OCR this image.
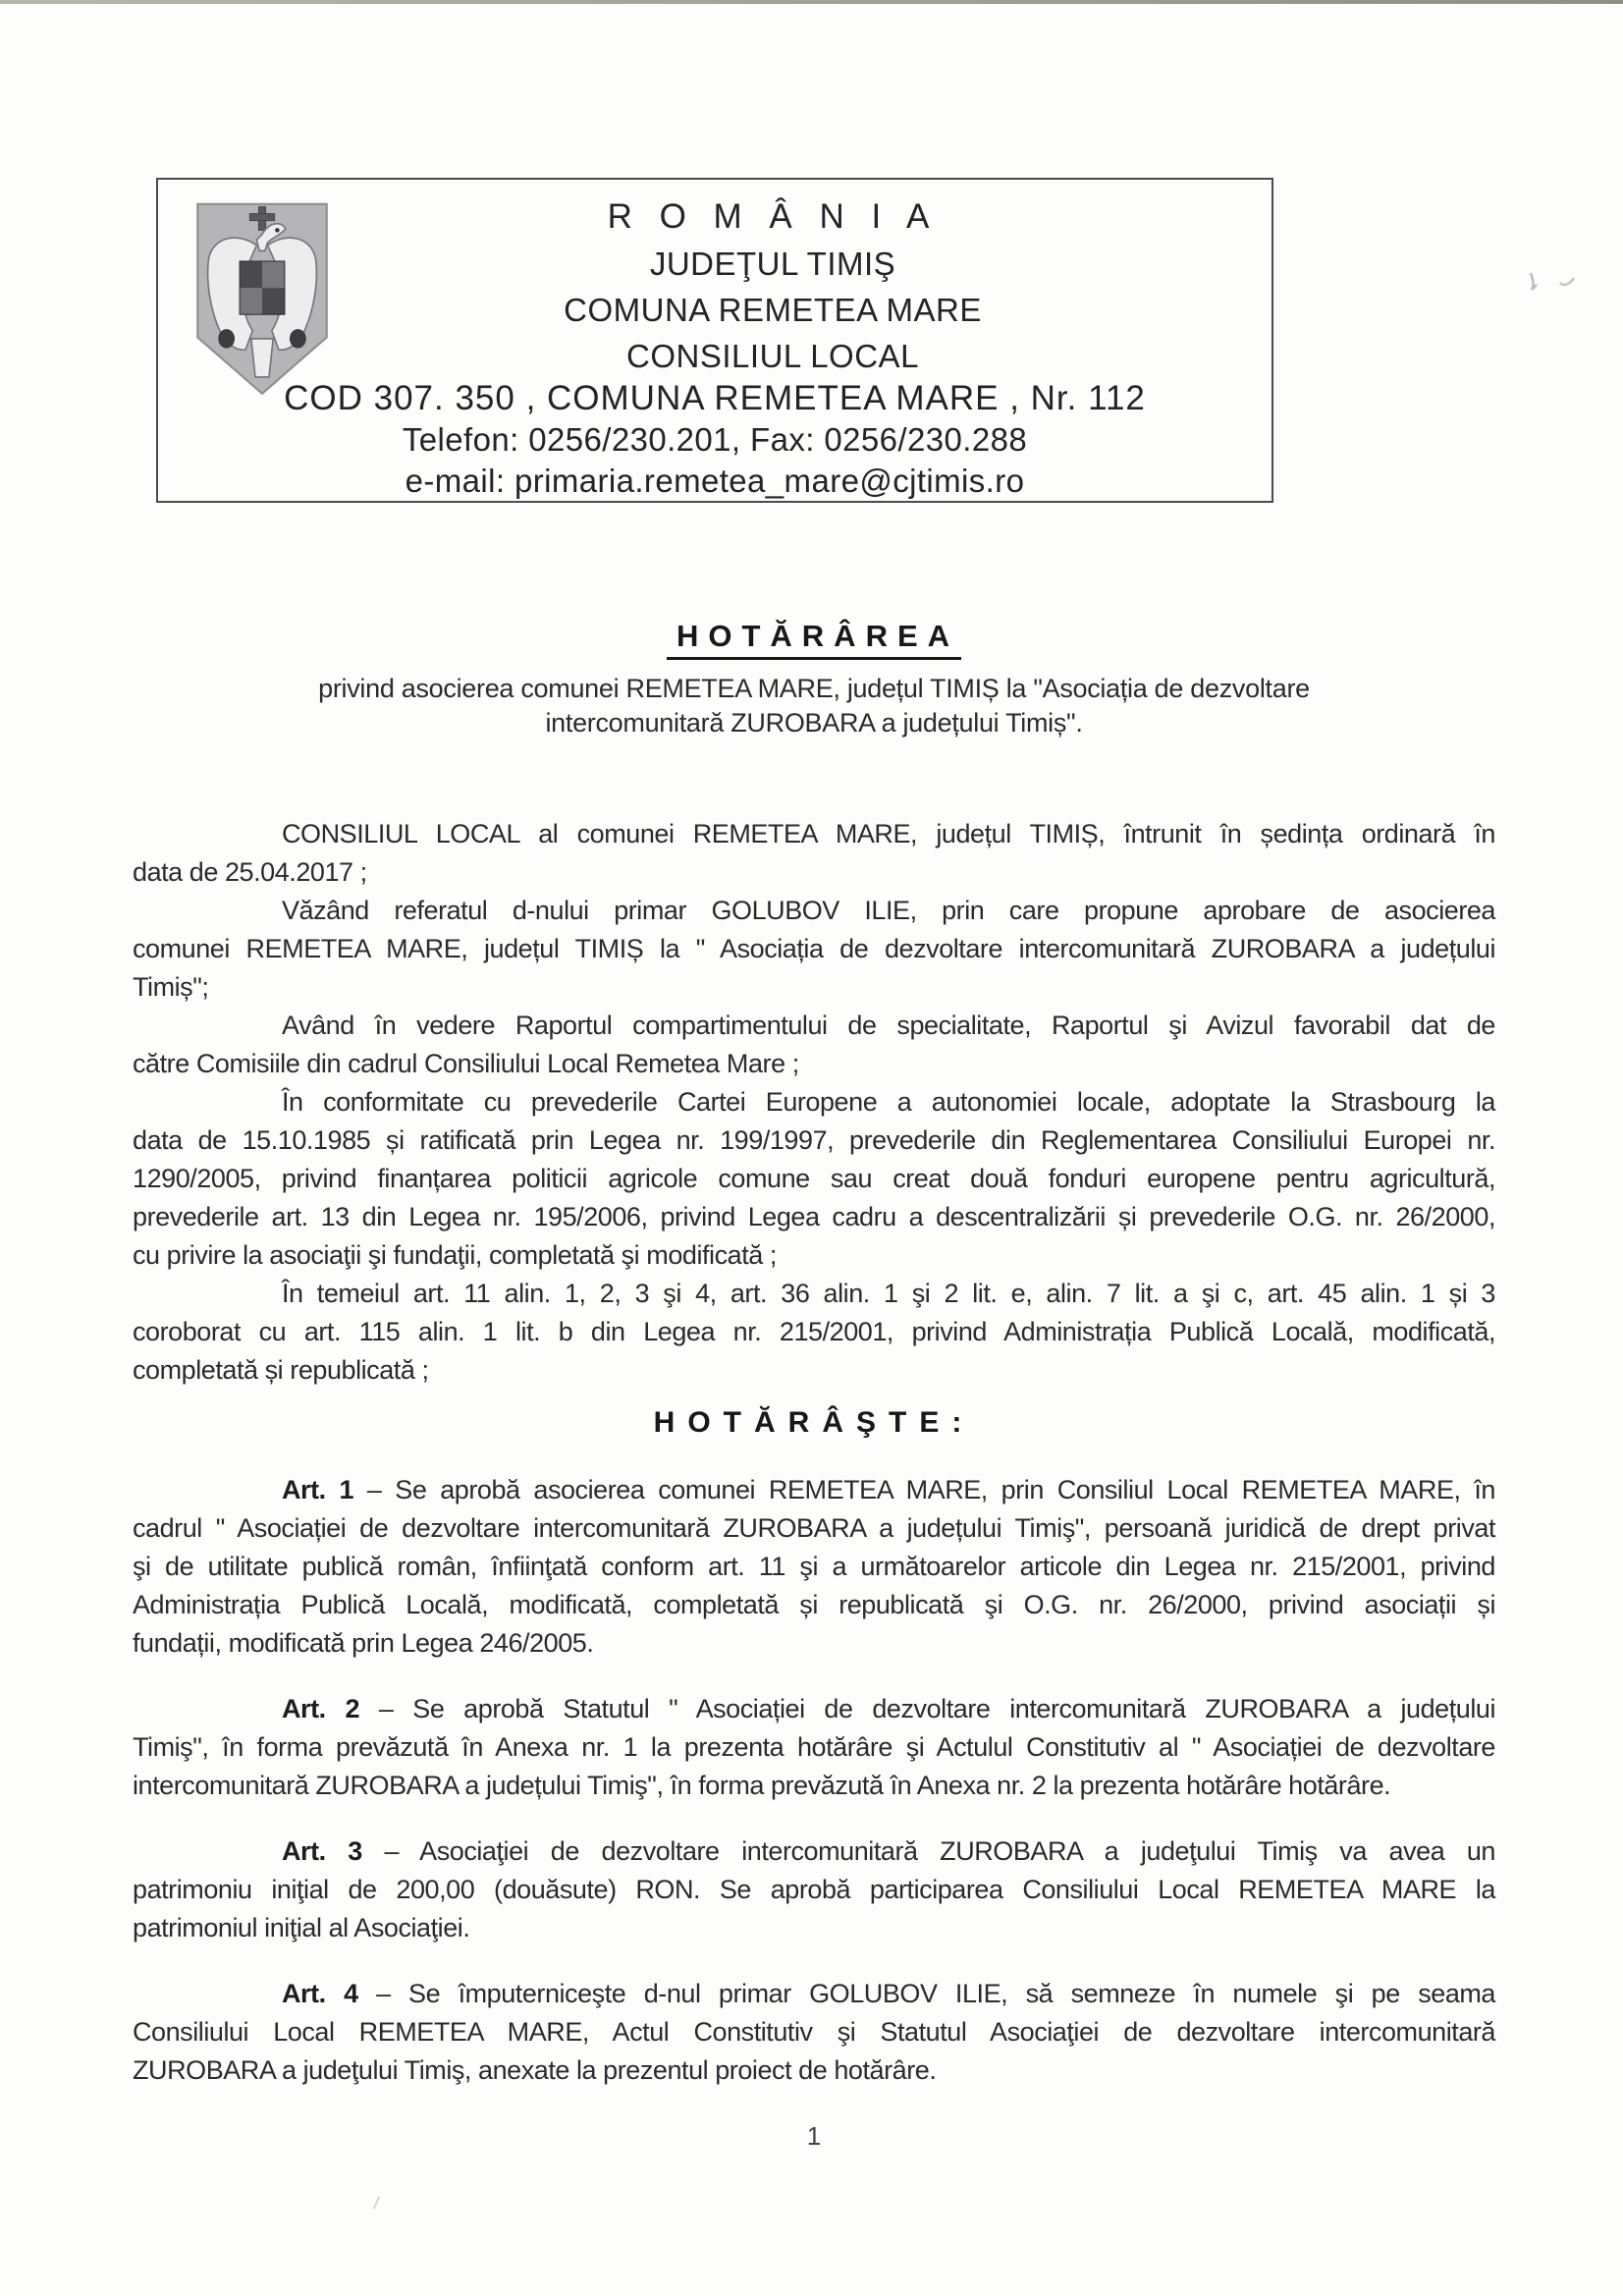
R O M Â N I A
JUDEŢUL TIMIŞ
COMUNA REMETEA MARE
CONSILIUL LOCAL
COD 307. 350 , COMUNA REMETEA MARE , Nr. 112
Telefon: 0256/230.201, Fax: 0256/230.288
e-mail: primaria.remetea_mare@cjtimis.ro
HOTĂRÂREA
privind asocierea comunei REMETEA MARE, județul TIMIȘ la "Asociația de dezvoltare
intercomunitară ZUROBARA a județului Timiș".
CONSILIUL LOCAL al comunei REMETEA MARE, județul TIMIȘ, întrunit în ședința ordinară în
data de 25.04.2017 ;
Văzând referatul d-nului primar GOLUBOV ILIE, prin care propune aprobare de asocierea
comunei REMETEA MARE, județul TIMIȘ la " Asociația de dezvoltare intercomunitară ZUROBARA a județului
Timiș";
Având în vedere Raportul compartimentului de specialitate, Raportul şi Avizul favorabil dat de
către Comisiile din cadrul Consiliului Local Remetea Mare ;
În conformitate cu prevederile Cartei Europene a autonomiei locale, adoptate la Strasbourg la
data de 15.10.1985 și ratificată prin Legea nr. 199/1997, prevederile din Reglementarea Consiliului Europei nr.
1290/2005, privind finanțarea politicii agricole comune sau creat două fonduri europene pentru agricultură,
prevederile art. 13 din Legea nr. 195/2006, privind Legea cadru a descentralizării și prevederile O.G. nr. 26/2000,
cu privire la asociaţii şi fundaţii, completată şi modificată ;
În temeiul art. 11 alin. 1, 2, 3 şi 4, art. 36 alin. 1 şi 2 lit. e, alin. 7 lit. a şi c, art. 45 alin. 1 și 3
coroborat cu art. 115 alin. 1 lit. b din Legea nr. 215/2001, privind Administrația Publică Locală, modificată,
completată și republicată ;
HOTĂRÂŞTE:
Art. 1 – Se aprobă asocierea comunei REMETEA MARE, prin Consiliul Local REMETEA MARE, în
cadrul " Asociației de dezvoltare intercomunitară ZUROBARA a județului Timiş", persoană juridică de drept privat
şi de utilitate publică român, înfiinţată conform art. 11 şi a următoarelor articole din Legea nr. 215/2001, privind
Administrația Publică Locală, modificată, completată și republicată şi O.G. nr. 26/2000, privind asociații și
fundații, modificată prin Legea 246/2005.
Art. 2 – Se aprobă Statutul " Asociației de dezvoltare intercomunitară ZUROBARA a județului
Timiş", în forma prevăzută în Anexa nr. 1 la prezenta hotărâre şi Actulul Constitutiv al " Asociației de dezvoltare
intercomunitară ZUROBARA a județului Timiş", în forma prevăzută în Anexa nr. 2 la prezenta hotărâre hotărâre.
Art. 3 – Asociaţiei de dezvoltare intercomunitară ZUROBARA a judeţului Timiş va avea un
patrimoniu iniţial de 200,00 (douăsute) RON. Se aprobă participarea Consiliului Local REMETEA MARE la
patrimoniul iniţial al Asociaţiei.
Art. 4 – Se împuterniceşte d-nul primar GOLUBOV ILIE, să semneze în numele şi pe seama
Consiliului Local REMETEA MARE, Actul Constitutiv şi Statutul Asociaţiei de dezvoltare intercomunitară
ZUROBARA a judeţului Timiş, anexate la prezentul proiect de hotărâre.
1
